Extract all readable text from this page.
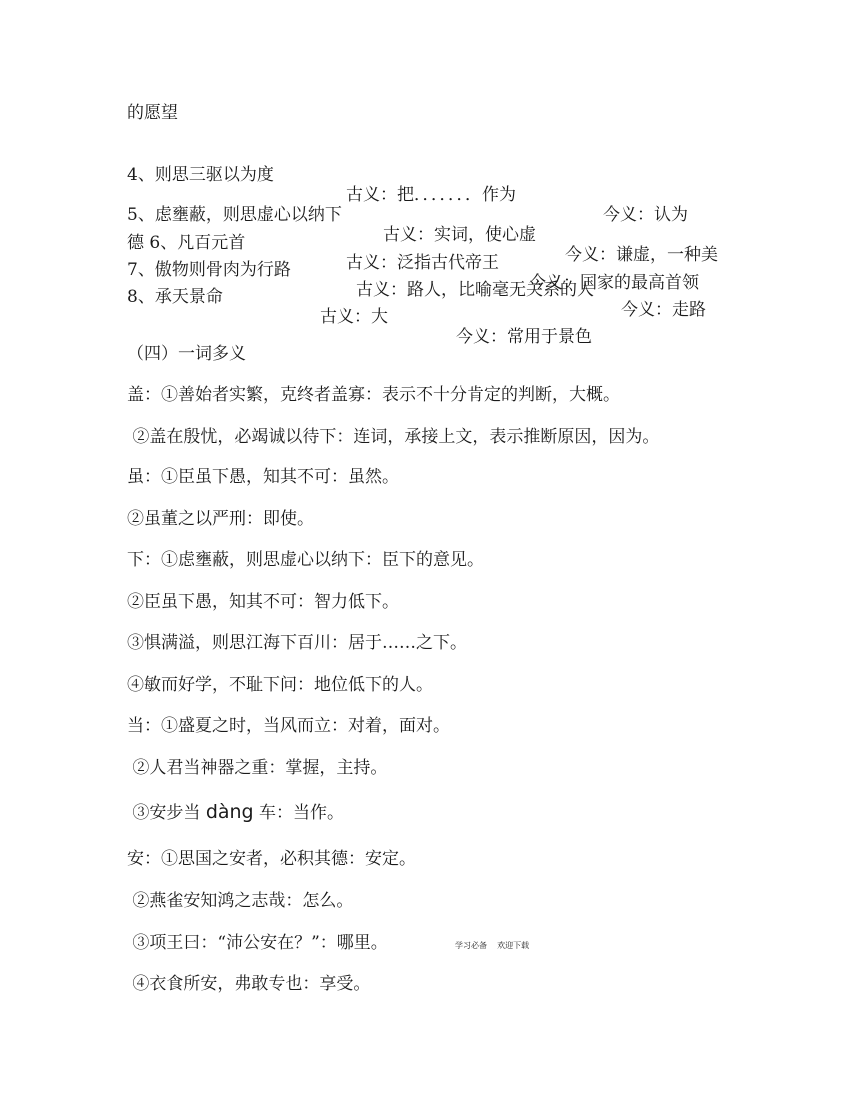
的愿望

4、则思三驱以为度

古义：把．．．．．．．作为

今义：认为

5、虑壅蔽，则思虚心以纳下

古义：实词，使心虚

今义：谦虚，一种美

德 6、凡百元首

古义：泛指古代帝王

今义：国家的最高首领

7、傲物则骨肉为行路

古义：路人，比喻毫无关系的人

今义：走路

8、承天景命

古义：大

今义：常用于景色

（四）一词多义
盖：①善始者实繁，克终者盖寡：表示不十分肯定的判断，大概。
②盖在殷忧，必竭诚以待下：连词，承接上文，表示推断原因，因为。
虽：①臣虽下愚，知其不可：虽然。
②虽董之以严刑：即使。
下：①虑壅蔽，则思虚心以纳下：臣下的意见。
②臣虽下愚，知其不可：智力低下。
③惧满溢，则思江海下百川：居于……之下。
④敏而好学，不耻下问：地位低下的人。
当：①盛夏之时，当风而立：对着，面对。
②人君当神器之重：掌握，主持。
③安步当 dàng 车：当作。
安：①思国之安者，必积其德：安定。
②燕雀安知鸿之志哉：怎么。
③项王曰：“沛公安在？”：哪里。
④衣食所安，弗敢专也：享受。
学习必备    欢迎下载
